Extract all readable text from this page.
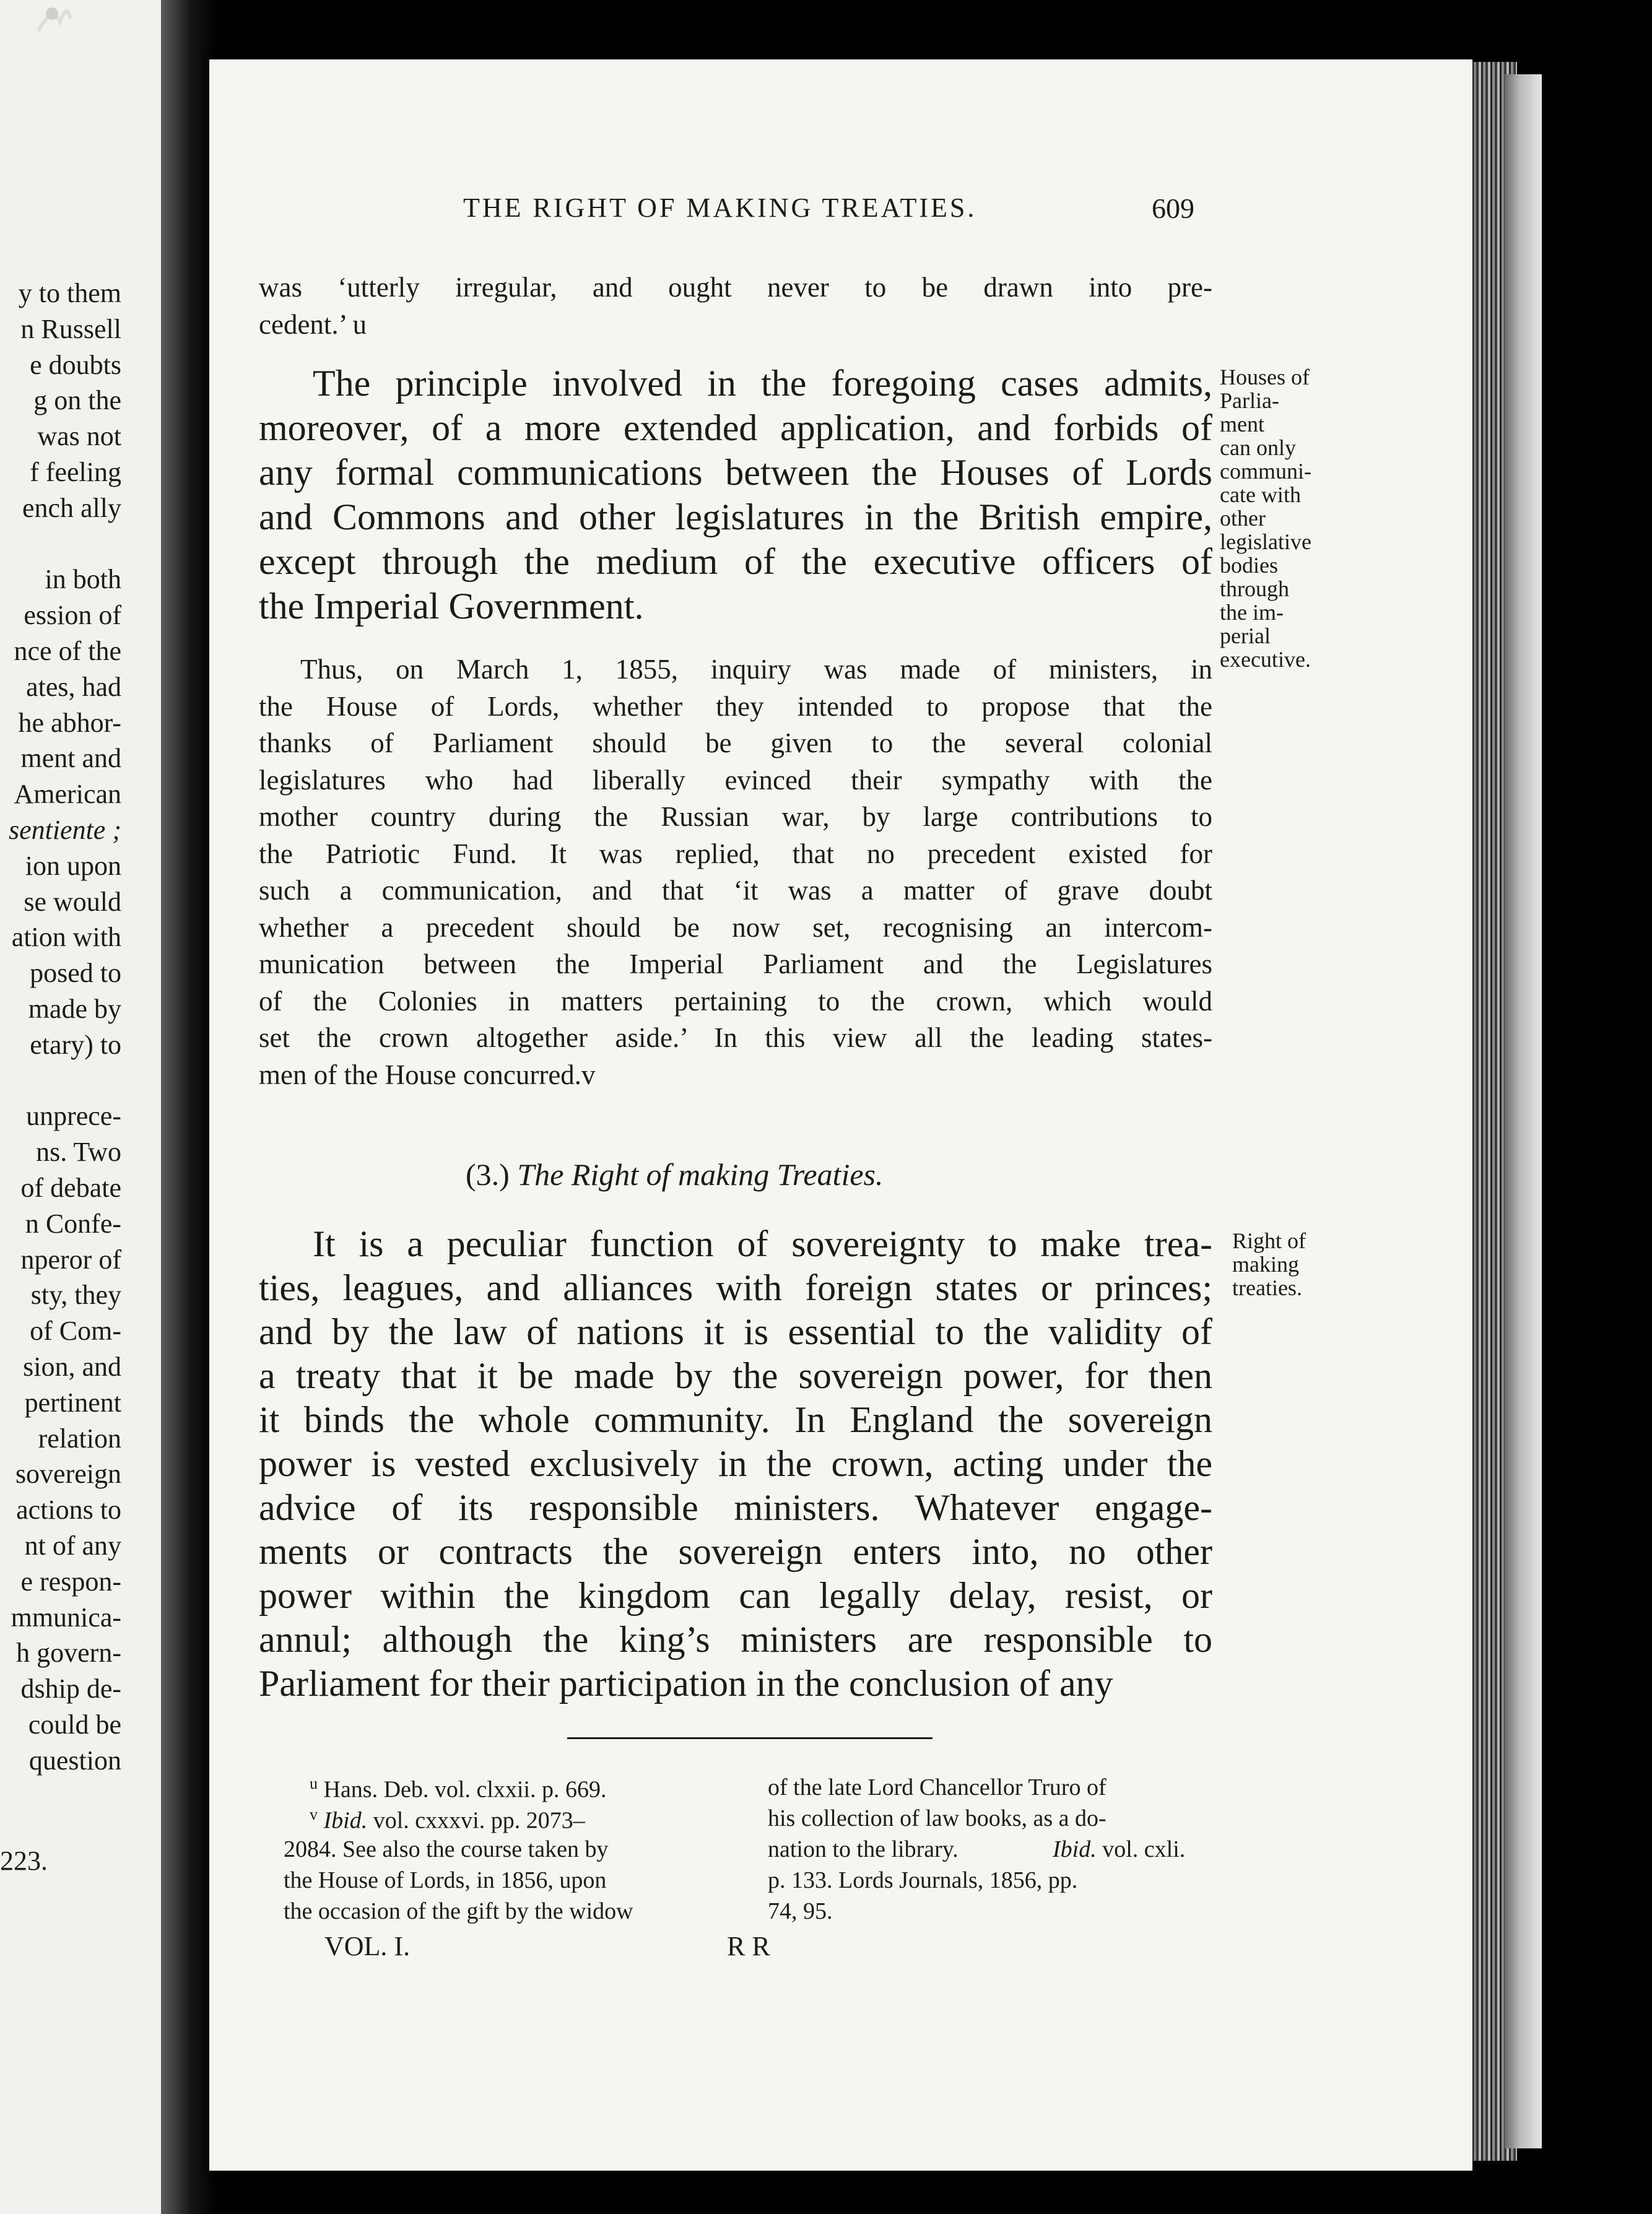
y to them
n Russell
e doubts
g on the
was not
f feeling
ench ally
in both
ession of
nce of the
ates, had
he abhor-
ment and
American
sentiente ;
ion upon
se would
ation with
posed to
made by
etary) to
unprece-
ns. Two
of debate
n Confe-
nperor of
sty, they
of Com-
sion, and
pertinent
relation
sovereign
actions to
nt of any
e respon-
mmunica-
h govern-
dship de-
could be
question
223.
THE RIGHT OF MAKING TREATIES.	609
was ‘utterly irregular, and ought never to be drawn into pre-
cedent.’ u
The principle involved in the foregoing cases admits,
moreover, of a more extended application, and forbids of
any formal communications between the Houses of Lords
and Commons and other legislatures in the British empire,
except through the medium of the executive officers of
the Imperial Government.
Thus, on March 1, 1855, inquiry was made of ministers, in
the House of Lords, whether they intended to propose that the
thanks of Parliament should be given to the several colonial
legislatures who had liberally evinced their sympathy with the
mother country during the Russian war, by large contributions to
the Patriotic Fund. It was replied, that no precedent existed for
such a communication, and that ‘it was a matter of grave doubt
whether a precedent should be now set, recognising an intercom-
munication between the Imperial Parliament and the Legislatures
of the Colonies in matters pertaining to the crown, which would
set the crown altogether aside.’ In this view all the leading states-
men of the House concurred.v
It is a peculiar function of sovereignty to make trea-
ties, leagues, and alliances with foreign states or princes;
and by the law of nations it is essential to the validity of
a treaty that it be made by the sovereign power, for then
it binds the whole community. In England the sovereign
power is vested exclusively in the crown, acting under the
advice of its responsible ministers. Whatever engage-
ments or contracts the sovereign enters into, no other
power within the kingdom can legally delay, resist, or
annul; although the king’s ministers are responsible to
Parliament for their participation in the conclusion of any
(3.) The Right of making Treaties.
Houses of
Parlia-
ment
can only
communi-
cate with
other
legislative
bodies
through
the im-
perial
executive.
Right of
making
treaties.
$^u$ Hans. Deb. vol. clxxii. p. 669.
$^v$ Ibid. vol. cxxxvi. pp. 2073–
2084. See also the course taken by
the House of Lords, in 1856, upon
the occasion of the gift by the widow
of the late Lord Chancellor Truro of
his collection of law books, as a do-
nation to the library.	Ibid. vol. cxli.
p. 133. Lords Journals, 1856, pp.
74, 95.
VOL. I.	R R
